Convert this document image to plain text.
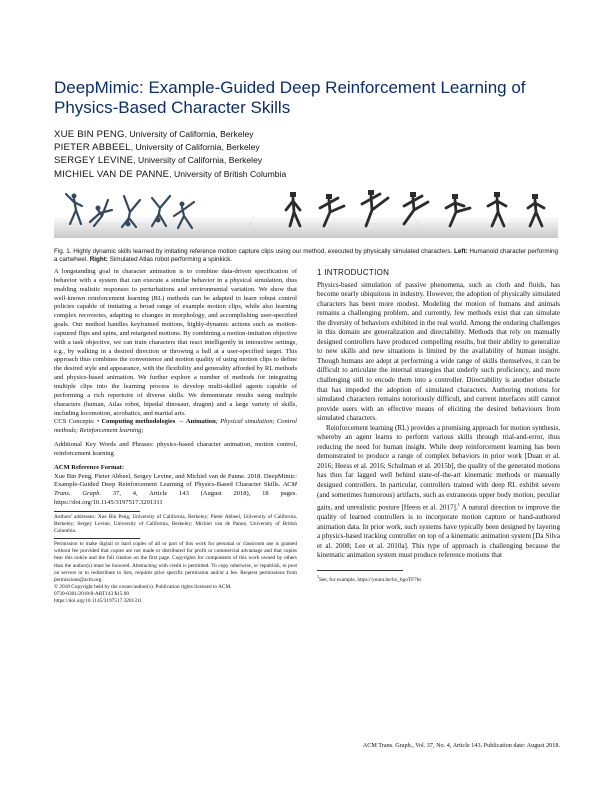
DeepMimic: Example-Guided Deep Reinforcement Learning of Physics-Based Character Skills
XUE BIN PENG, University of California, Berkeley
PIETER ABBEEL, University of California, Berkeley
SERGEY LEVINE, University of California, Berkeley
MICHIEL VAN DE PANNE, University of British Columbia
Fig. 1. Highly dynamic skills learned by imitating reference motion capture clips using our method, executed by physically simulated characters. Left: Humanoid character performing a cartwheel. Right: Simulated Atlas robot performing a spinkick.

A longstanding goal in character animation is to combine data-driven specification of behavior with a system that can execute a similar behavior in a physical simulation, thus enabling realistic responses to perturbations and environmental variation. We show that well-known reinforcement learning (RL) methods can be adapted to learn robust control policies capable of imitating a broad range of example motion clips, while also learning complex recoveries, adapting to changes in morphology, and accomplishing user-specified goals. Our method handles keyframed motions, highly-dynamic actions such as motion-captured flips and spins, and retargeted motions. By combining a motion-imitation objective with a task objective, we can train characters that react intelligently in interactive settings, e.g., by walking in a desired direction or throwing a ball at a user-specified target. This approach thus combines the convenience and motion quality of using motion clips to define the desired style and appearance, with the flexibility and generality afforded by RL methods and physics-based animation. We further explore a number of methods for integrating multiple clips into the learning process to develop multi-skilled agents capable of performing a rich repertoire of diverse skills. We demonstrate results using multiple characters (human, Atlas robot, bipedal dinosaur, dragon) and a large variety of skills, including locomotion, acrobatics, and martial arts.

CCS Concepts: • Computing methodologies → Animation; Physical simulation; Control methods; Reinforcement learning;

Additional Key Words and Phrases: physics-based character animation, motion control, reinforcement learning

ACM Reference Format:
Xue Bin Peng, Pieter Abbeel, Sergey Levine, and Michiel van de Panne. 2018. DeepMimic: Example-Guided Deep Reinforcement Learning of Physics-Based Character Skills. ACM Trans. Graph. 37, 4, Article 143 (August 2018), 18 pages. https://doi.org/10.1145/3197517.3201311

Authors' addresses: Xue Bin Peng, University of California, Berkeley; Pieter Abbeel, University of California, Berkeley; Sergey Levine, University of California, Berkeley; Michiel van de Panne, University of British Columbia.

Permission to make digital or hard copies of all or part of this work for personal or classroom use is granted without fee provided that copies are not made or distributed for profit or commercial advantage and that copies bear this notice and the full citation on the first page. Copyrights for components of this work owned by others than the author(s) must be honored. Abstracting with credit is permitted. To copy otherwise, or republish, to post on servers or to redistribute to lists, requires prior specific permission and/or a fee. Request permissions from permissions@acm.org.

© 2018 Copyright held by the owner/author(s). Publication rights licensed to ACM.

0730-0301/2018/8-ART143 $15.00

https://doi.org/10.1145/3197517.3201311

1 INTRODUCTION

Physics-based simulation of passive phenomena, such as cloth and fluids, has become nearly ubiquitous in industry. However, the adoption of physically simulated characters has been more modest. Modeling the motion of humans and animals remains a challenging problem, and currently, few methods exist that can simulate the diversity of behaviors exhibited in the real world. Among the enduring challenges in this domain are generalization and directability. Methods that rely on manually designed controllers have produced compelling results, but their ability to generalize to new skills and new situations is limited by the availability of human insight. Though humans are adept at performing a wide range of skills themselves, it can be difficult to articulate the internal strategies that underly such proficiency, and more challenging still to encode them into a controller. Directability is another obstacle that has impeded the adoption of simulated characters. Authoring motions for simulated characters remains notoriously difficult, and current interfaces still cannot provide users with an effective means of eliciting the desired behaviours from simulated characters.

Reinforcement learning (RL) provides a promising approach for motion synthesis, whereby an agent learns to perform various skills through trial-and-error, thus reducing the need for human insight. While deep reinforcement learning has been demonstrated to produce a range of complex behaviors in prior work [Duan et al. 2016; Heess et al. 2016; Schulman et al. 2015b], the quality of the generated motions has thus far lagged well behind state-of-the-art kinematic methods or manually designed controllers. In particular, controllers trained with deep RL exhibit severe (and sometimes humorous) artifacts, such as extraneous upper body motion, peculiar gaits, and unrealistic posture [Heess et al. 2017].$^1$ A natural direction to improve the quality of learned controllers is to incorporate motion capture or hand-authored animation data. In prior work, such systems have typically been designed by layering a physics-based tracking controller on top of a kinematic animation system [Da Silva et al. 2008; Lee et al. 2010a]. This type of approach is challenging because the kinematic animation system must produce reference motions that

$^1$See, for example, https://youtu.be/hx_bgoTF7bs

ACM Trans. Graph., Vol. 37, No. 4, Article 143. Publication date: August 2018.
